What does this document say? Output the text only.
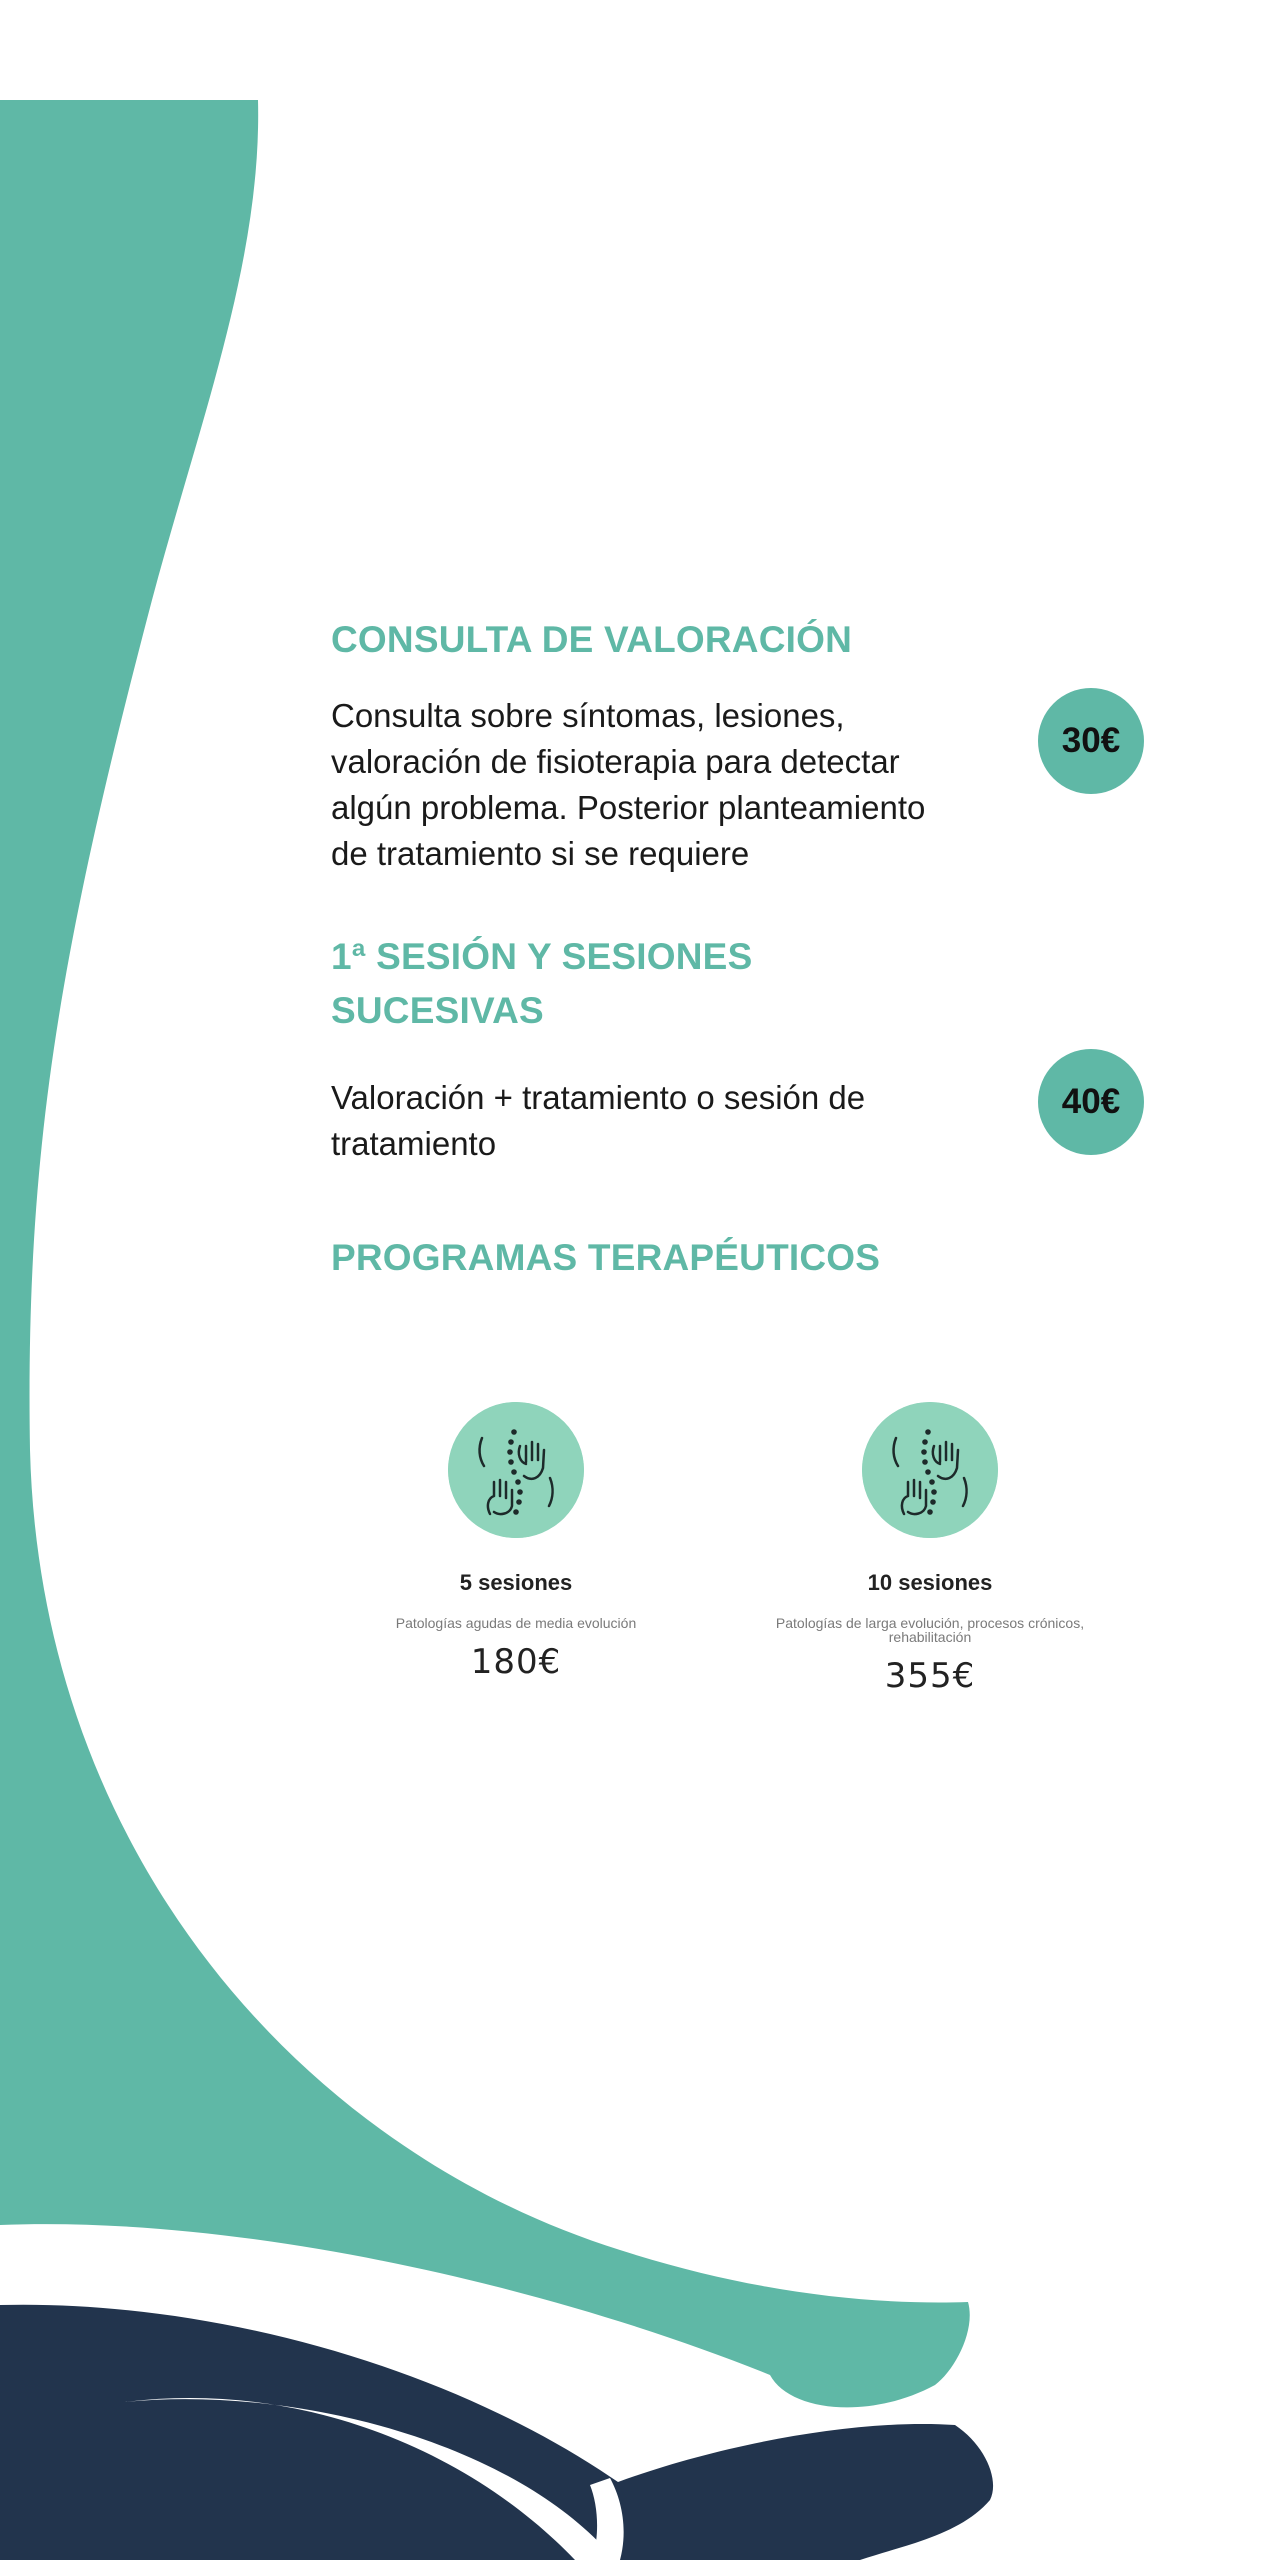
CONSULTA DE VALORACIÓN

Consulta sobre síntomas, lesiones,
valoración de fisioterapia para detectar
algún problema. Posterior planteamiento
de tratamiento si se requiere

30€
1ª SESIÓN Y SESIONES
SUCESIVAS

Valoración + tratamiento o sesión de
tratamiento

40€
PROGRAMAS TERAPÉUTICOS
5 sesiones
Patologías agudas de media evolución
180€
10 sesiones
Patologías de larga evolución, procesos crónicos,
rehabilitación
355€
